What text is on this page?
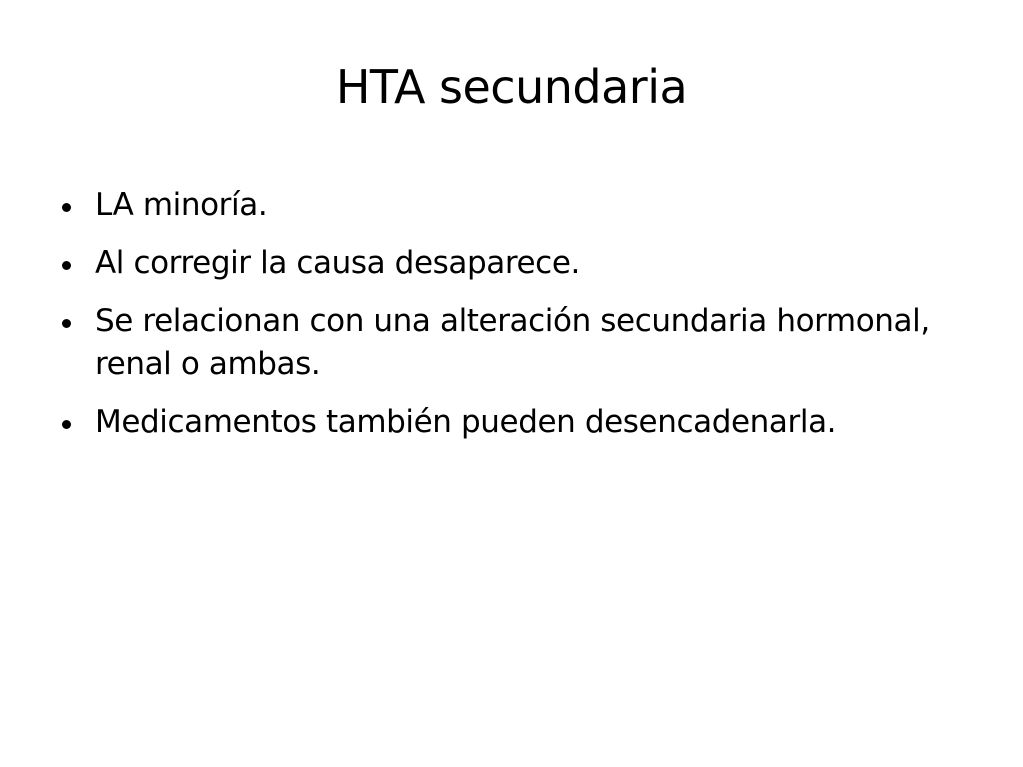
HTA secundaria
LA minoría.
Al corregir la causa desaparece.
Se relacionan con una alteración secundaria hormonal, renal o ambas.
Medicamentos también pueden desencadenarla.
